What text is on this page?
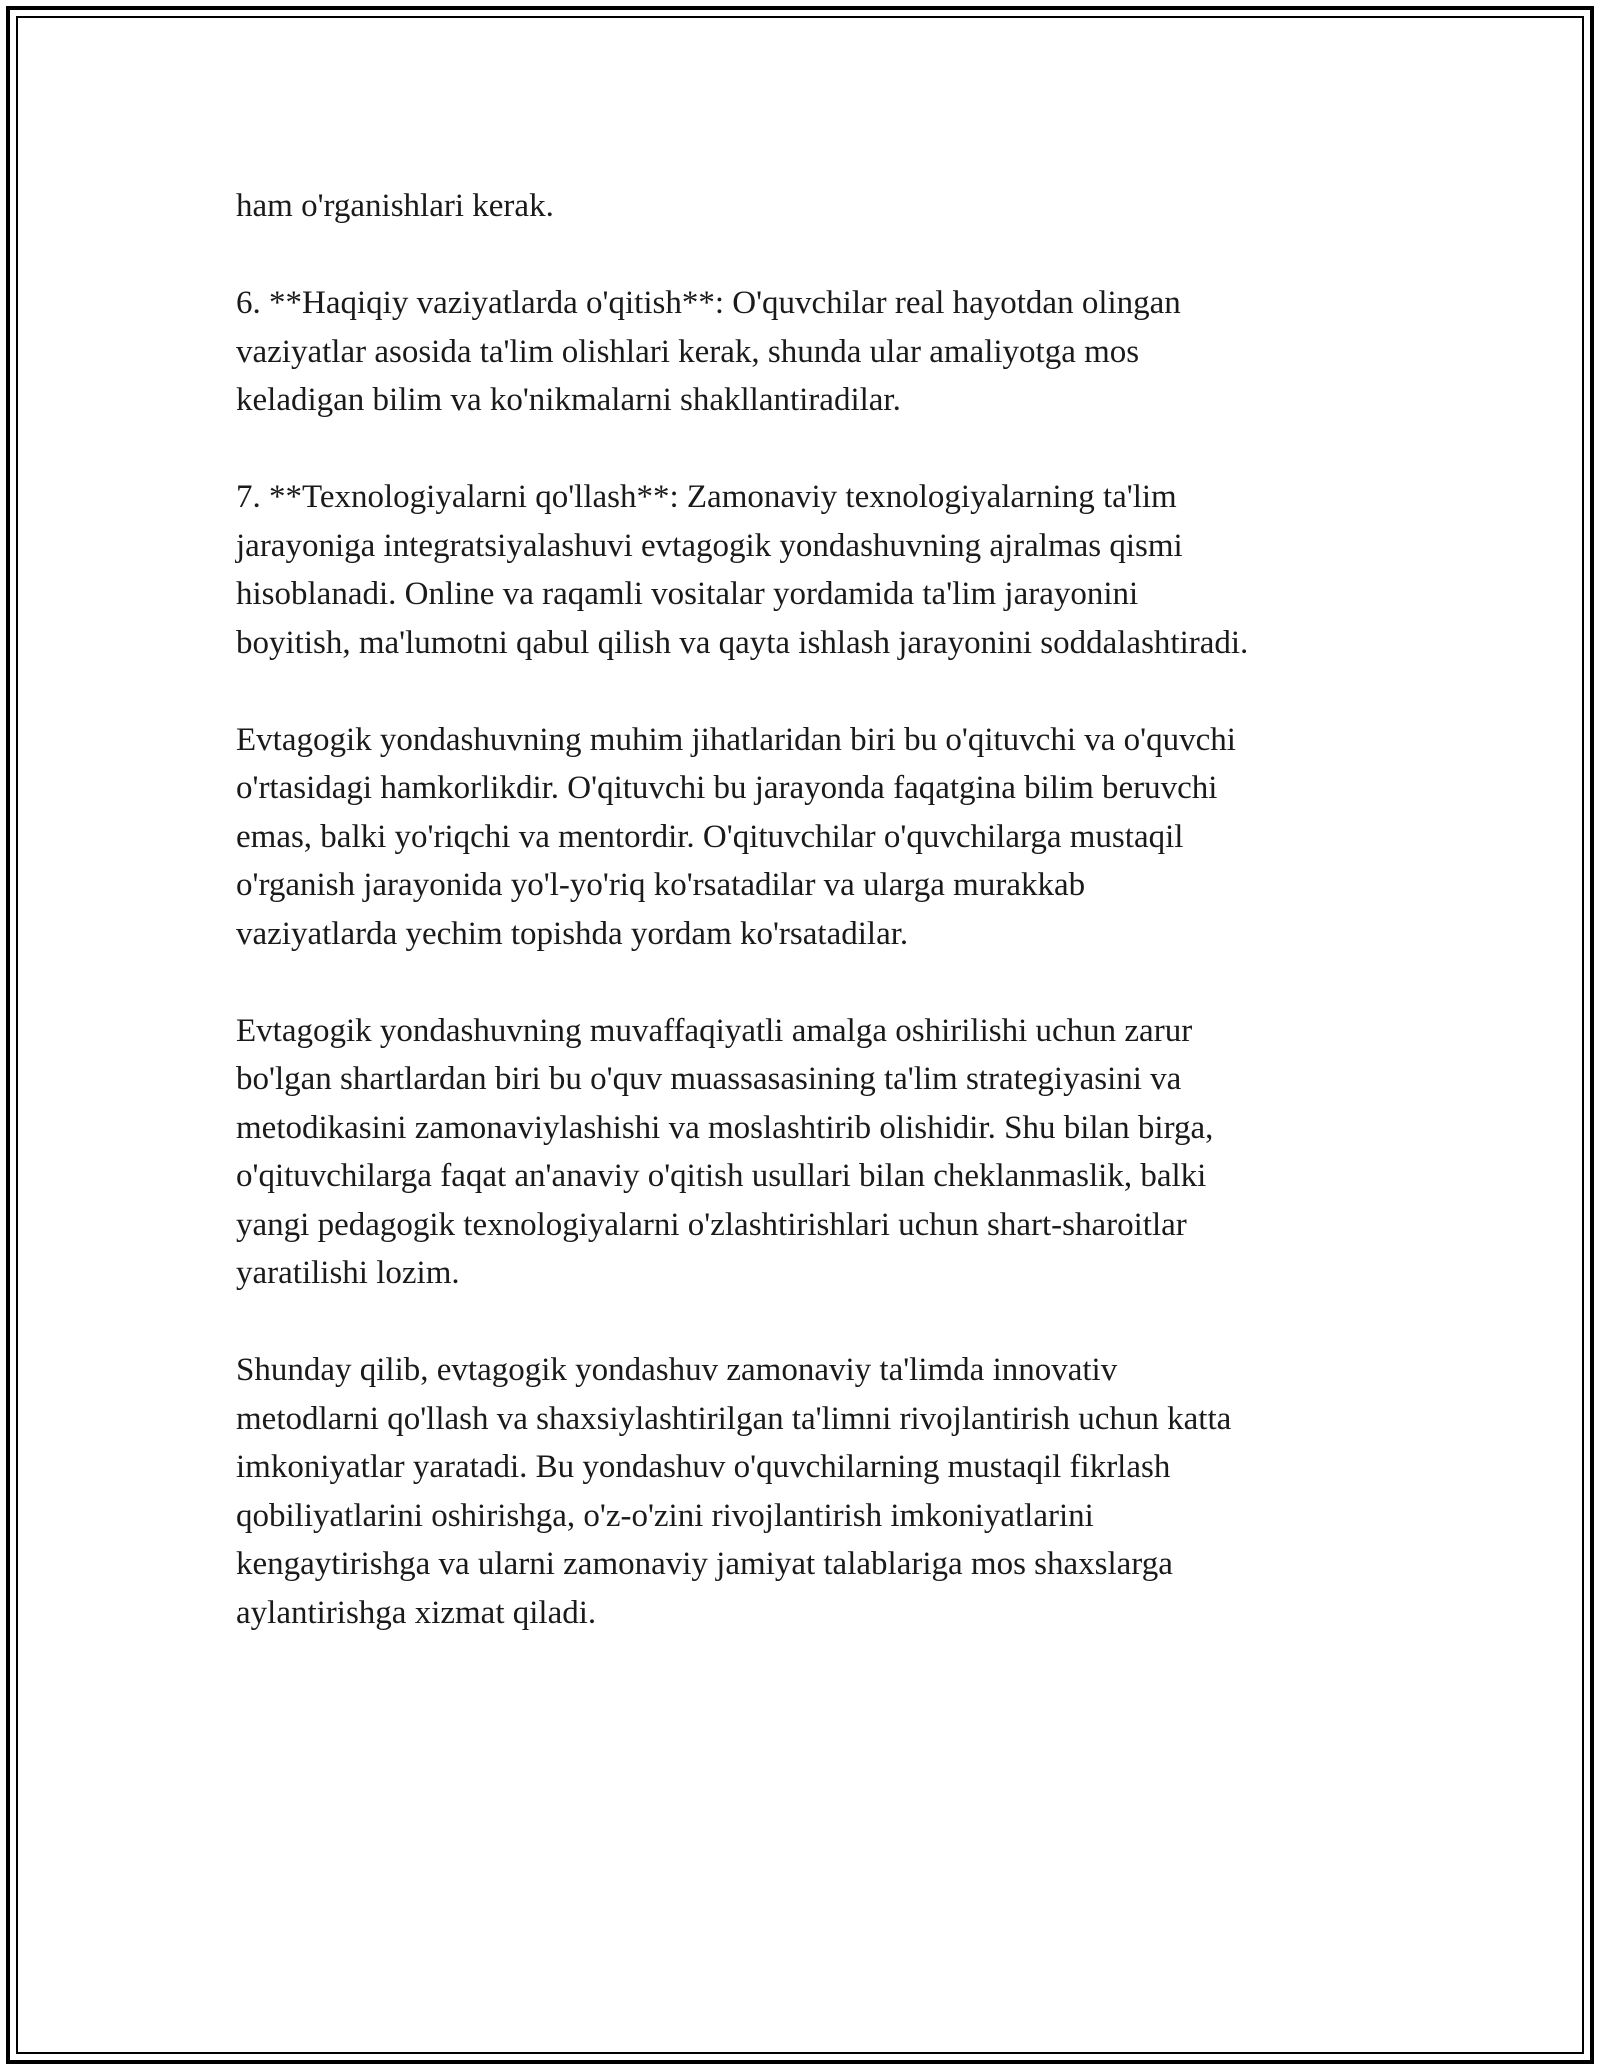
ham o'rganishlari kerak.

6. **Haqiqiy vaziyatlarda o'qitish**: O'quvchilar real hayotdan olingan
vaziyatlar asosida ta'lim olishlari kerak, shunda ular amaliyotga mos
keladigan bilim va ko'nikmalarni shakllantiradilar.

7. **Texnologiyalarni qo'llash**: Zamonaviy texnologiyalarning ta'lim
jarayoniga integratsiyalashuvi evtagogik yondashuvning ajralmas qismi
hisoblanadi. Online va raqamli vositalar yordamida ta'lim jarayonini
boyitish, ma'lumotni qabul qilish va qayta ishlash jarayonini soddalashtiradi.

Evtagogik yondashuvning muhim jihatlaridan biri bu o'qituvchi va o'quvchi
o'rtasidagi hamkorlikdir. O'qituvchi bu jarayonda faqatgina bilim beruvchi
emas, balki yo'riqchi va mentordir. O'qituvchilar o'quvchilarga mustaqil
o'rganish jarayonida yo'l-yo'riq ko'rsatadilar va ularga murakkab
vaziyatlarda yechim topishda yordam ko'rsatadilar.

Evtagogik yondashuvning muvaffaqiyatli amalga oshirilishi uchun zarur
bo'lgan shartlardan biri bu o'quv muassasasining ta'lim strategiyasini va
metodikasini zamonaviylashishi va moslashtirib olishidir. Shu bilan birga,
o'qituvchilarga faqat an'anaviy o'qitish usullari bilan cheklanmaslik, balki
yangi pedagogik texnologiyalarni o'zlashtirishlari uchun shart-sharoitlar
yaratilishi lozim.

Shunday qilib, evtagogik yondashuv zamonaviy ta'limda innovativ
metodlarni qo'llash va shaxsiylashtirilgan ta'limni rivojlantirish uchun katta
imkoniyatlar yaratadi. Bu yondashuv o'quvchilarning mustaqil fikrlash
qobiliyatlarini oshirishga, o'z-o'zini rivojlantirish imkoniyatlarini
kengaytirishga va ularni zamonaviy jamiyat talablariga mos shaxslarga
aylantirishga xizmat qiladi.
